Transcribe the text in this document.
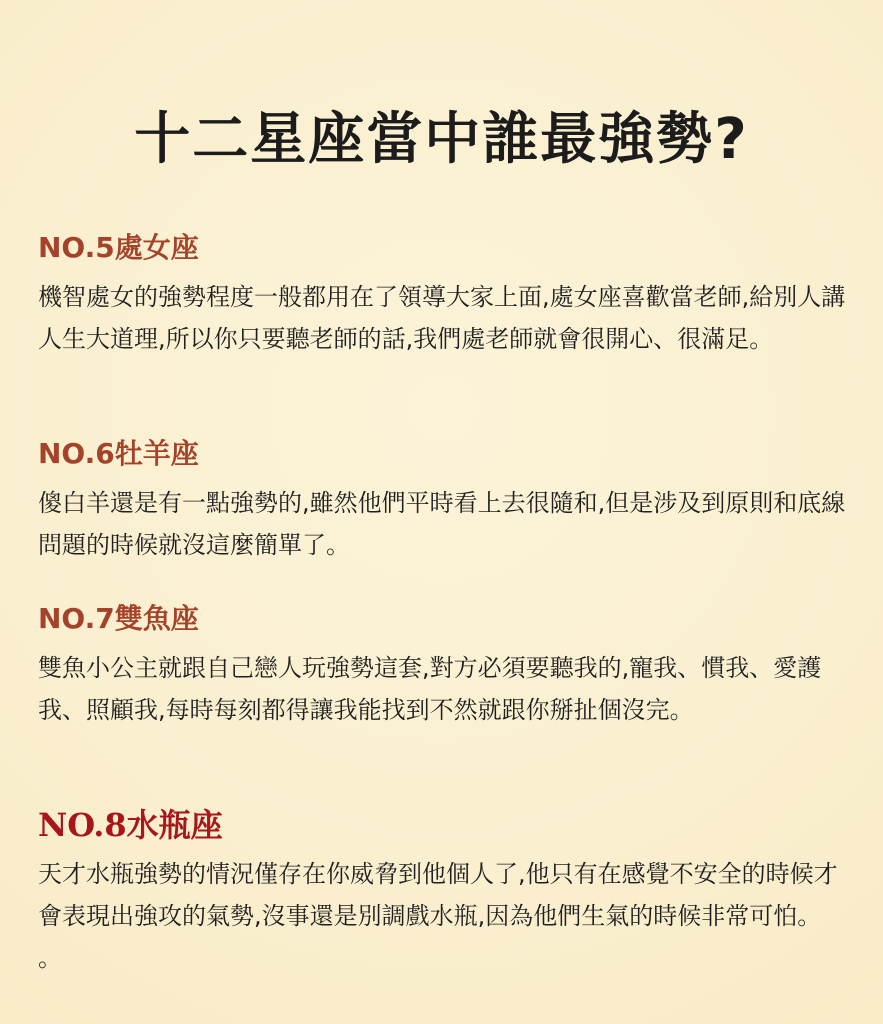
十二星座當中誰最強勢?
NO.5處女座
機智處女的強勢程度一般都用在了領導大家上面,處女座喜歡當老師,給別人講人生大道理,所以你只要聽老師的話,我們處老師就會很開心、很滿足。
NO.6牡羊座
傻白羊還是有一點強勢的,雖然他們平時看上去很隨和,但是涉及到原則和底線問題的時候就沒這麼簡單了。
NO.7雙魚座
雙魚小公主就跟自己戀人玩強勢這套,對方必須要聽我的,寵我、慣我、愛護我、照顧我,每時每刻都得讓我能找到不然就跟你掰扯個沒完。
NO.8水瓶座
天才水瓶強勢的情況僅存在你威脅到他個人了,他只有在感覺不安全的時候才會表現出強攻的氣勢,沒事還是別調戲水瓶,因為他們生氣的時候非常可怕。 。
